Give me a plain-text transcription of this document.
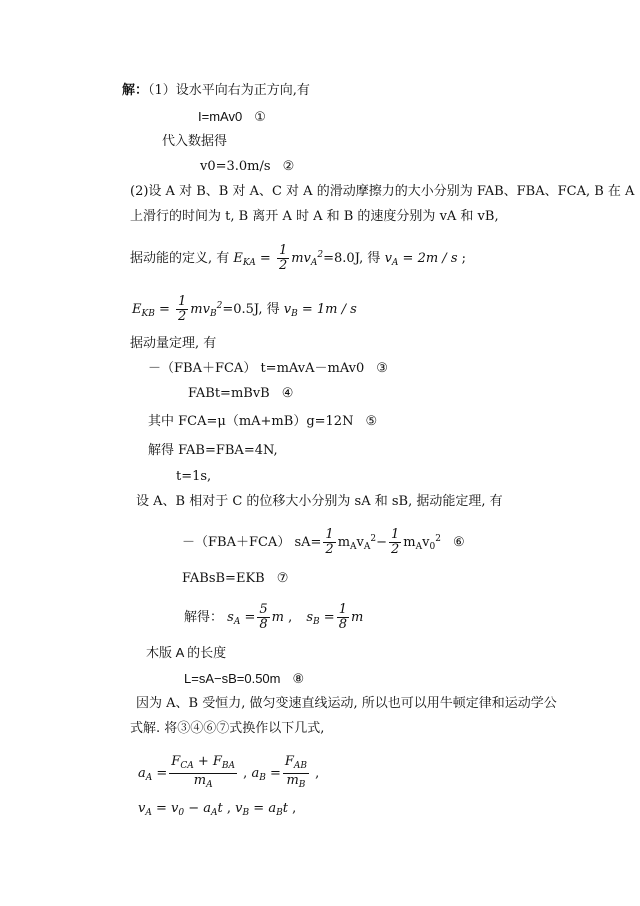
解：（1）设水平向右为正方向,有
I=mAv0 ①
代入数据得
v0=3.0m/s ②
(2)设 A 对 B、B 对 A、C 对 A 的滑动摩擦力的大小分别为 FAB、FBA、FCA, B 在 A
上滑行的时间为 t, B 离开 A 时 A 和 B 的速度分别为 vA 和 vB,
据动能的定义, 有 $E_{KA} = \frac{1}{2} mv_A^2=8.0J$, 得 $v_A = 2m / s$ ;
$E_{KB} = \frac{1}{2} mv_B^2=0.5J$, 得 $v_B = 1m / s$
据动量定理, 有
－（FBA＋FCA） t=mAvA－mAv0 ③
FABt=mBvB ④
其中 FCA=μ（mA+mB）g=12N ⑤
解得 FAB=FBA=4N,
t=1s,
设 A、B 相对于 C 的位移大小分别为 sA 和 sB, 据动能定理, 有
－（FBA＋FCA） $sA= \frac{1}{2} m_Av_A^2- \frac{1}{2} m_Av_0^2$ ⑥
FABsB=EKB ⑦
解得： $s_A = \frac{5}{8}$ m , $s_B = \frac{1}{8}$ m
木版 A 的长度
L=sA−sB=0.50m ⑧
因为 A、B 受恒力, 做匀变速直线运动, 所以也可以用牛顿定律和运动学公
式解. 将③④⑥⑦式换作以下几式,
$a_A = \frac{F_{CA} + F_{BA}}{m_A}$ , $a_B = \frac{F_{AB}}{m_B}$ ,
$v_A = v_0 - a_At$ , $v_B = a_Bt$ ,
